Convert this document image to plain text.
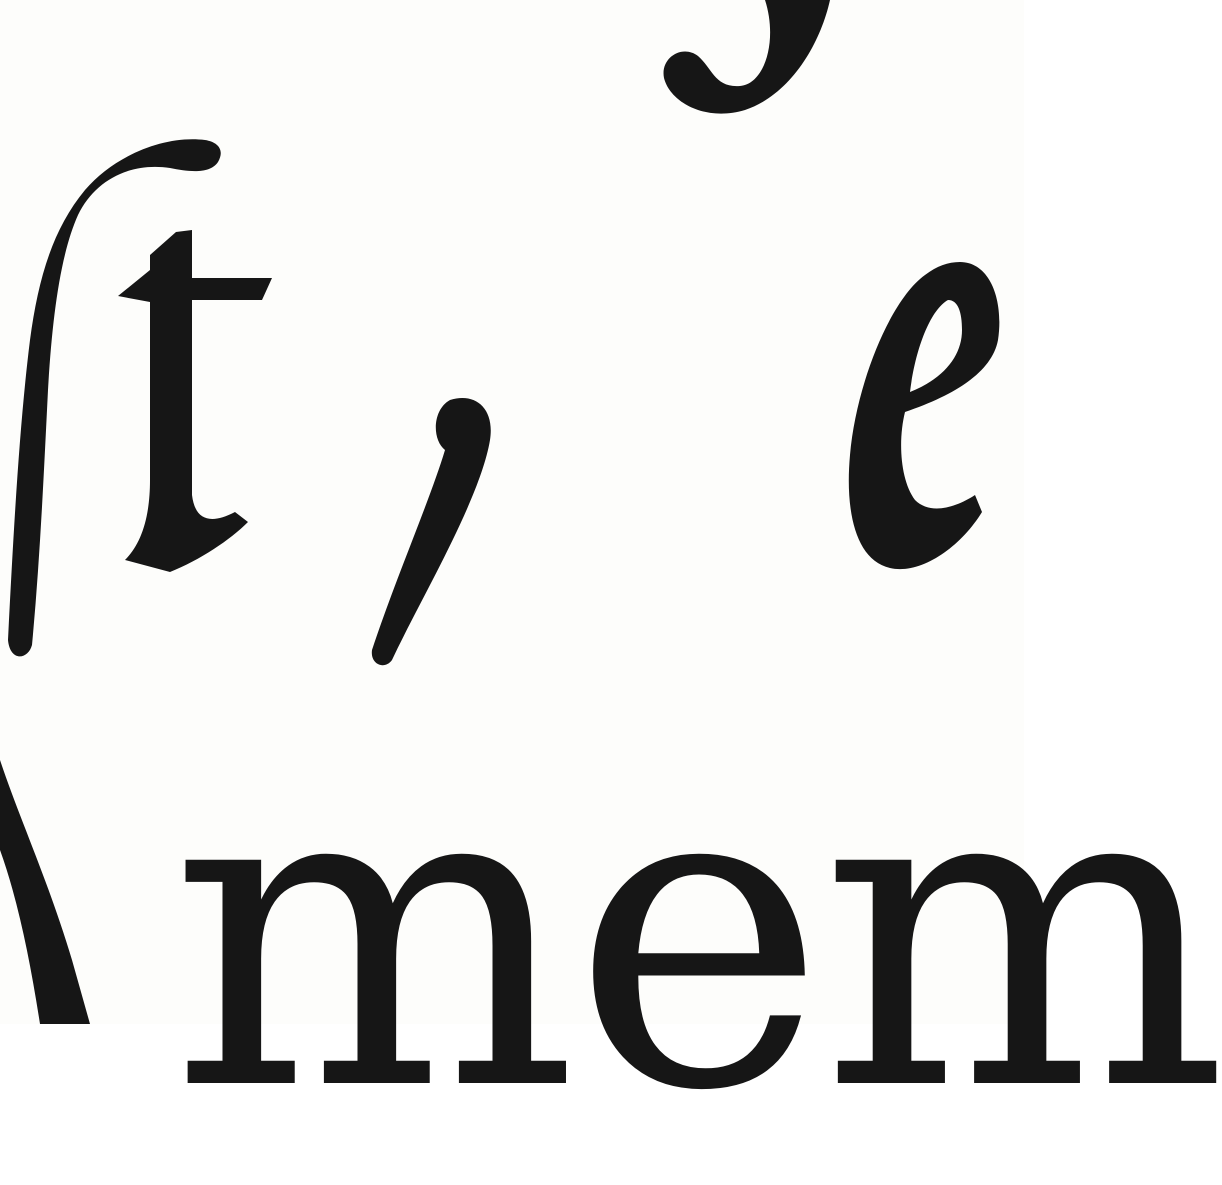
mem
